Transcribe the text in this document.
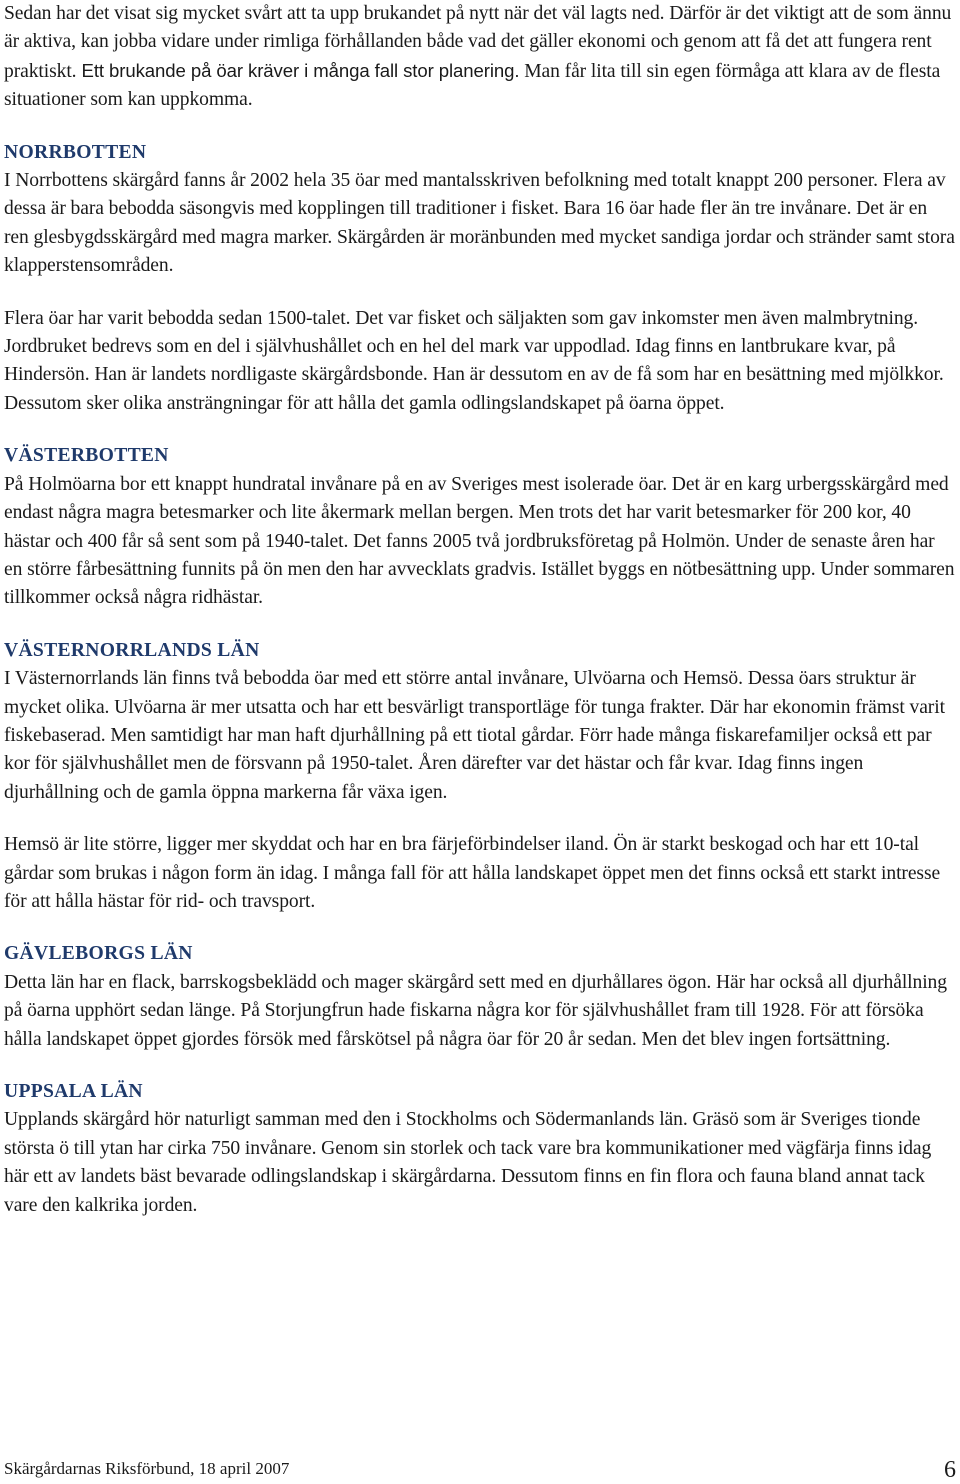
Sedan har det visat sig mycket svårt att ta upp brukandet på nytt när det väl lagts ned. Därför är det viktigt att de som ännu är aktiva, kan jobba vidare under rimliga förhållanden både vad det gäller ekonomi och genom att få det att fungera rent praktiskt. Ett brukande på öar kräver i många fall stor planering. Man får lita till sin egen förmåga att klara av de flesta situationer som kan uppkomma.

NORRBOTTEN

I Norrbottens skärgård fanns år 2002 hela 35 öar med mantalsskriven befolkning med totalt knappt 200 personer. Flera av dessa är bara bebodda säsongvis med kopplingen till traditioner i fisket. Bara 16 öar hade fler än tre invånare. Det är en ren glesbygdsskärgård med magra marker. Skärgården är moränbunden med mycket sandiga jordar och stränder samt stora klapperstensområden.

Flera öar har varit bebodda sedan 1500-talet. Det var fisket och säljakten som gav inkomster men även malmbrytning. Jordbruket bedrevs som en del i självhushållet och en hel del mark var uppodlad. Idag finns en lantbrukare kvar, på Hindersön. Han är landets nordligaste skärgårdsbonde. Han är dessutom en av de få som har en besättning med mjölkkor. Dessutom sker olika ansträngningar för att hålla det gamla odlingslandskapet på öarna öppet.

VÄSTERBOTTEN

På Holmöarna bor ett knappt hundratal invånare på en av Sveriges mest isolerade öar. Det är en karg urbergsskärgård med endast några magra betesmarker och lite åkermark mellan bergen. Men trots det har varit betesmarker för 200 kor, 40 hästar och 400 får så sent som på 1940-talet. Det fanns 2005 två jordbruksföretag på Holmön. Under de senaste åren har en större fårbesättning funnits på ön men den har avvecklats gradvis. Istället byggs en nötbesättning upp. Under sommaren tillkommer också några ridhästar.

VÄSTERNORRLANDS LÄN

I Västernorrlands län finns två bebodda öar med ett större antal invånare, Ulvöarna och Hemsö. Dessa öars struktur är mycket olika. Ulvöarna är mer utsatta och har ett besvärligt transportläge för tunga frakter. Där har ekonomin främst varit fiskebaserad. Men samtidigt har man haft djurhållning på ett tiotal gårdar. Förr hade många fiskarefamiljer också ett par kor för självhushållet men de försvann på 1950-talet. Åren därefter var det hästar och får kvar. Idag finns ingen djurhållning och de gamla öppna markerna får växa igen.

Hemsö är lite större, ligger mer skyddat och har en bra färjeförbindelser iland. Ön är starkt beskogad och har ett 10-tal gårdar som brukas i någon form än idag. I många fall för att hålla landskapet öppet men det finns också ett starkt intresse för att hålla hästar för rid- och travsport.

GÄVLEBORGS LÄN

Detta län har en flack, barrskogsbeklädd och mager skärgård sett med en djurhållares ögon. Här har också all djurhållning på öarna upphört sedan länge. På Storjungfrun hade fiskarna några kor för självhushållet fram till 1928. För att försöka hålla landskapet öppet gjordes försök med fårskötsel på några öar för 20 år sedan. Men det blev ingen fortsättning.

UPPSALA LÄN

Upplands skärgård hör naturligt samman med den i Stockholms och Södermanlands län. Gräsö som är Sveriges tionde största ö till ytan har cirka 750 invånare. Genom sin storlek och tack vare bra kommunikationer med vägfärja finns idag här ett av landets bäst bevarade odlingslandskap i skärgårdarna. Dessutom finns en fin flora och fauna bland annat tack vare den kalkrika jorden.

Skärgårdarnas Riksförbund, 18 april 2007	6
